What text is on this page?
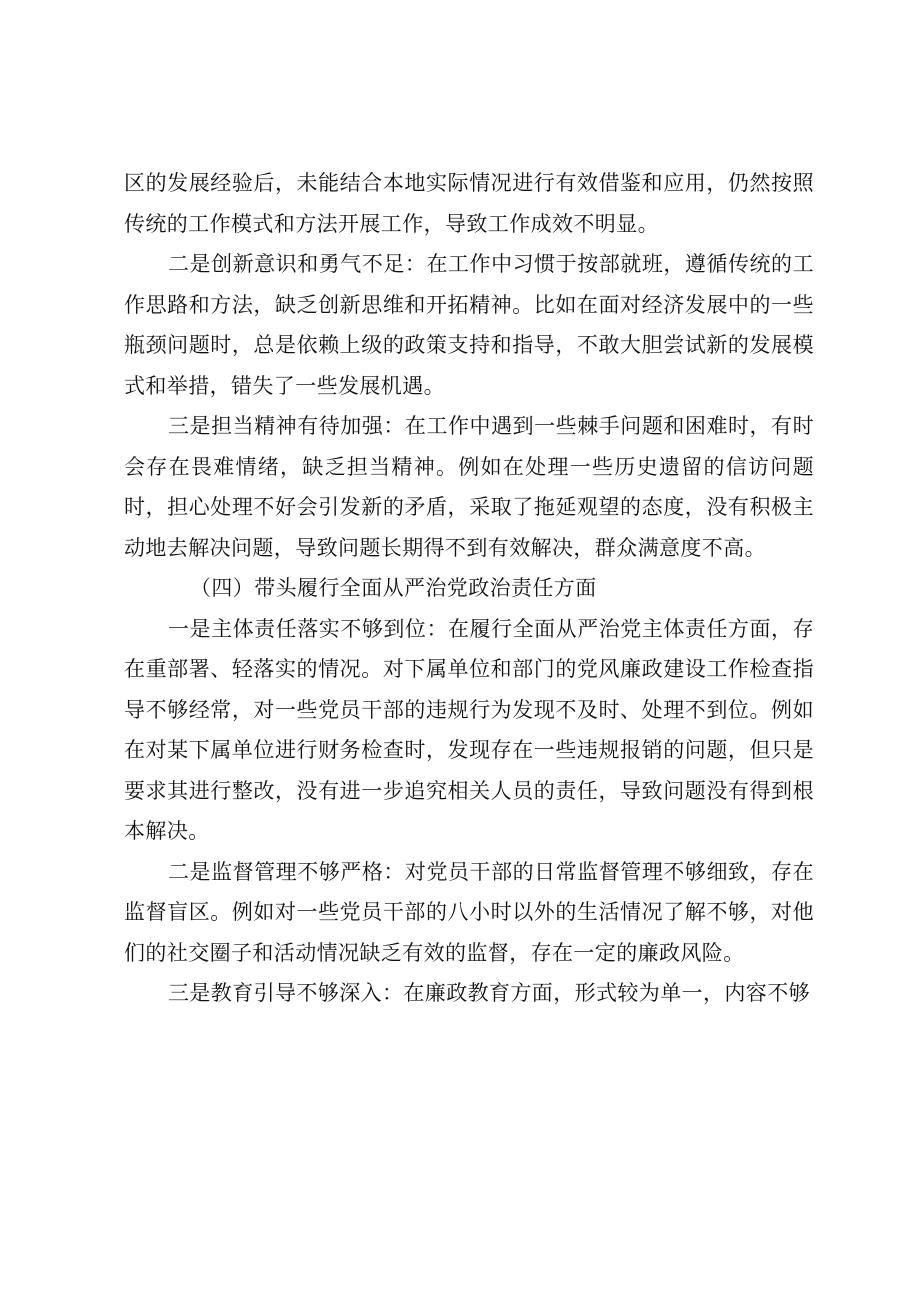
区的发展经验后，未能结合本地实际情况进行有效借鉴和应用，仍然按照传统的工作模式和方法开展工作，导致工作成效不明显。

二是创新意识和勇气不足：在工作中习惯于按部就班，遵循传统的工作思路和方法，缺乏创新思维和开拓精神。比如在面对经济发展中的一些瓶颈问题时，总是依赖上级的政策支持和指导，不敢大胆尝试新的发展模式和举措，错失了一些发展机遇。

三是担当精神有待加强：在工作中遇到一些棘手问题和困难时，有时会存在畏难情绪，缺乏担当精神。例如在处理一些历史遗留的信访问题时，担心处理不好会引发新的矛盾，采取了拖延观望的态度，没有积极主动地去解决问题，导致问题长期得不到有效解决，群众满意度不高。

（四）带头履行全面从严治党政治责任方面

一是主体责任落实不够到位：在履行全面从严治党主体责任方面，存在重部署、轻落实的情况。对下属单位和部门的党风廉政建设工作检查指导不够经常，对一些党员干部的违规行为发现不及时、处理不到位。例如在对某下属单位进行财务检查时，发现存在一些违规报销的问题，但只是要求其进行整改，没有进一步追究相关人员的责任，导致问题没有得到根本解决。

二是监督管理不够严格：对党员干部的日常监督管理不够细致，存在监督盲区。例如对一些党员干部的八小时以外的生活情况了解不够，对他们的社交圈子和活动情况缺乏有效的监督，存在一定的廉政风险。

三是教育引导不够深入：在廉政教育方面，形式较为单一，内容不够
